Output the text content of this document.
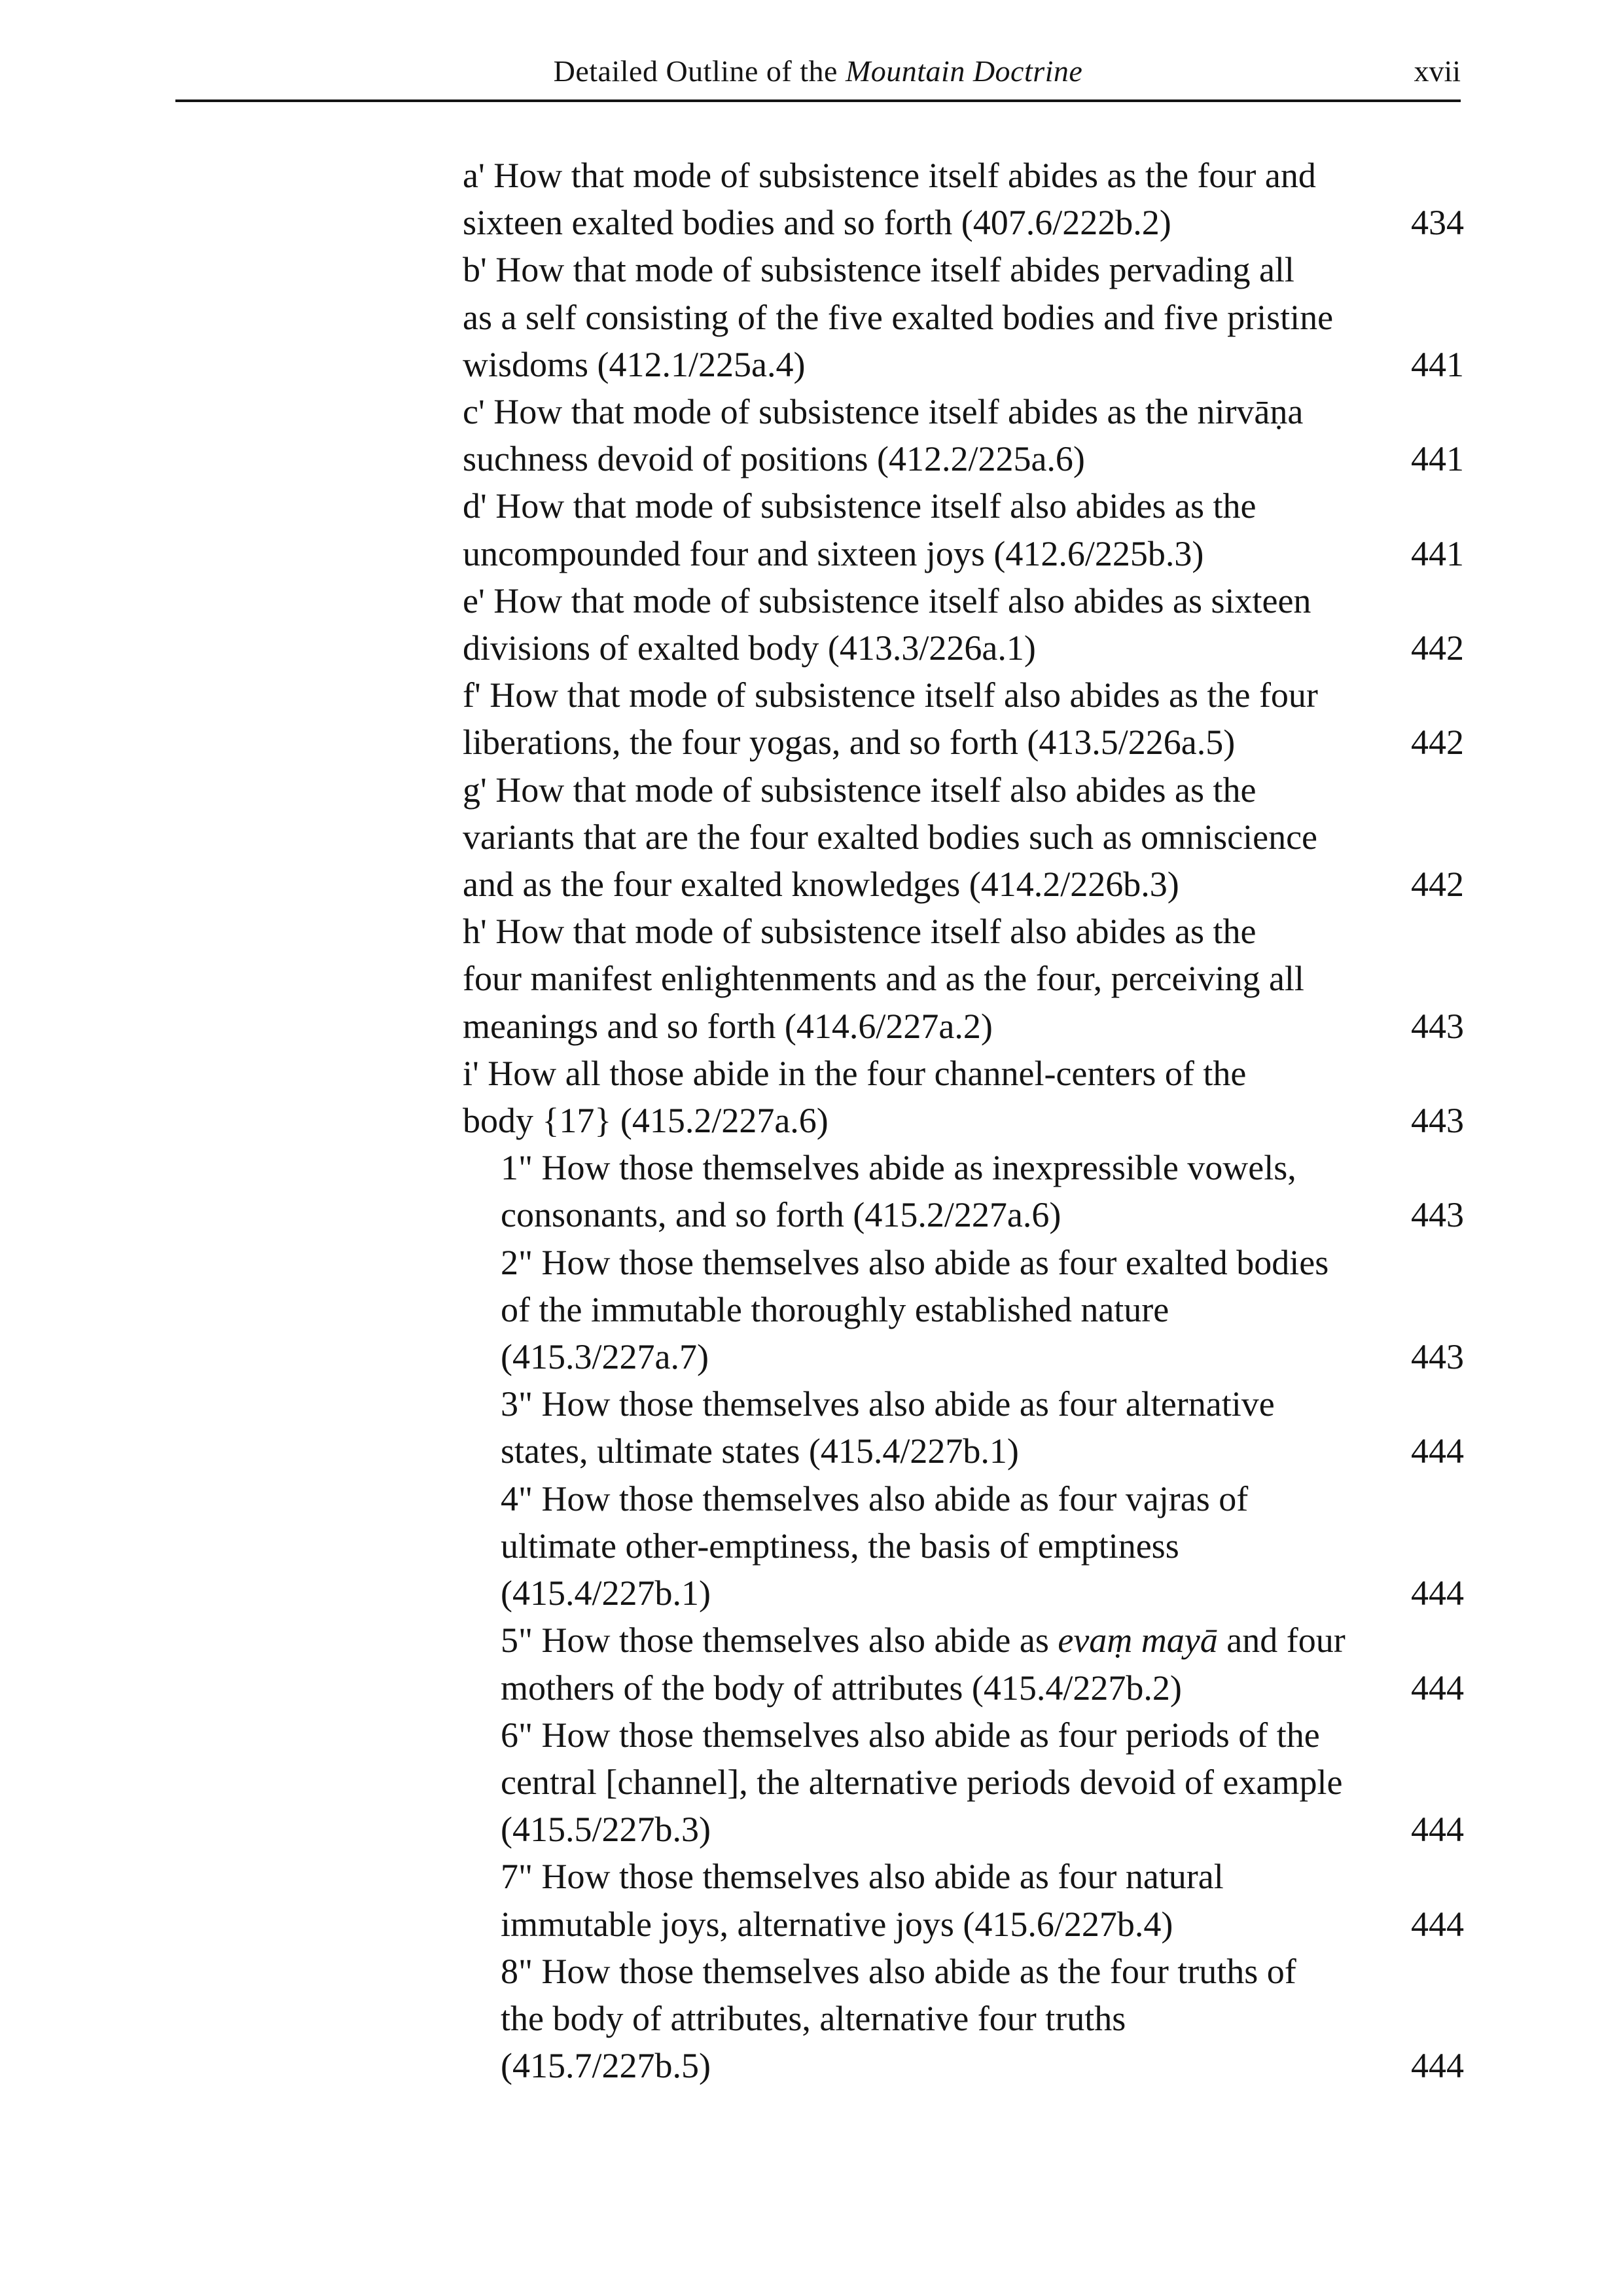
Detailed Outline of the Mountain Doctrine	xvii
a' How that mode of subsistence itself abides as the four and
sixteen exalted bodies and so forth (407.6/222b.2)	434
b' How that mode of subsistence itself abides pervading all
as a self consisting of the five exalted bodies and five pristine
wisdoms (412.1/225a.4)	441
c' How that mode of subsistence itself abides as the nirvāṇa
suchness devoid of positions (412.2/225a.6)	441
d' How that mode of subsistence itself also abides as the
uncompounded four and sixteen joys (412.6/225b.3)	441
e' How that mode of subsistence itself also abides as sixteen
divisions of exalted body (413.3/226a.1)	442
f' How that mode of subsistence itself also abides as the four
liberations, the four yogas, and so forth (413.5/226a.5)	442
g' How that mode of subsistence itself also abides as the
variants that are the four exalted bodies such as omniscience
and as the four exalted knowledges (414.2/226b.3)	442
h' How that mode of subsistence itself also abides as the
four manifest enlightenments and as the four, perceiving all
meanings and so forth (414.6/227a.2)	443
i' How all those abide in the four channel-centers of the
body {17} (415.2/227a.6)	443
1" How those themselves abide as inexpressible vowels,
consonants, and so forth (415.2/227a.6)	443
2" How those themselves also abide as four exalted bodies
of the immutable thoroughly established nature
(415.3/227a.7)	443
3" How those themselves also abide as four alternative
states, ultimate states (415.4/227b.1)	444
4" How those themselves also abide as four vajras of
ultimate other-emptiness, the basis of emptiness
(415.4/227b.1)	444
5" How those themselves also abide as evaṃ mayā and four
mothers of the body of attributes (415.4/227b.2)	444
6" How those themselves also abide as four periods of the
central [channel], the alternative periods devoid of example
(415.5/227b.3)	444
7" How those themselves also abide as four natural
immutable joys, alternative joys (415.6/227b.4)	444
8" How those themselves also abide as the four truths of
the body of attributes, alternative four truths
(415.7/227b.5)	444
